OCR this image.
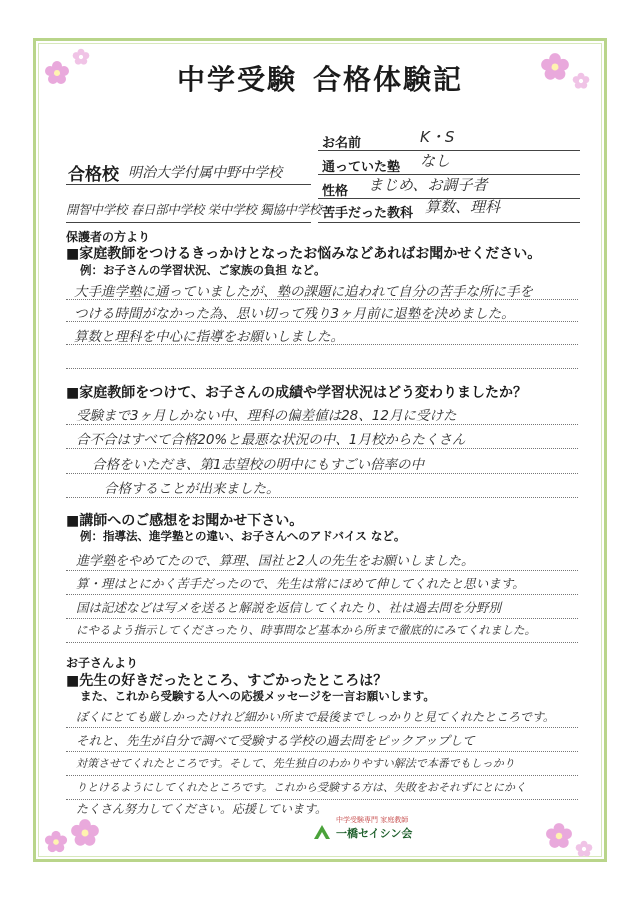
中学受験 合格体験記
お名前	K・S
通っていた塾 なし
性格 まじめ、お調子者
苦手だった教科 算数、理科
合格校 明治大学付属中野中学校
開智中学校 春日部中学校 栄中学校 獨協中学校
保護者の方より
■家庭教師をつけるきっかけとなったお悩みなどあればお聞かせください。
例：お子さんの学習状況、ご家族の負担 など。
大手進学塾に通っていましたが、塾の課題に追われて自分の苦手な所に手を
つける時間がなかった為、思い切って残り3ヶ月前に退塾を決めました。
算数と理科を中心に指導をお願いしました。
■家庭教師をつけて、お子さんの成績や学習状況はどう変わりましたか？
受験まで3ヶ月しかない中、理科の偏差値は28、12月に受けた
合不合はすべて合格20%と最悪な状況の中、1月校からたくさん
合格をいただき、第1志望校の明中にもすごい倍率の中
合格することが出来ました。
■講師へのご感想をお聞かせ下さい。
例：指導法、進学塾との違い、お子さんへのアドバイス など。
進学塾をやめてたので、算理、国社と2人の先生をお願いしました。
算・理はとにかく苦手だったので、先生は常にほめて伸してくれたと思います。
国は記述などは写メを送ると解説を返信してくれたり、社は過去問を分野別
にやるよう指示してくださったり、時事問など基本から所まで徹底的にみてくれました。
お子さんより
■先生の好きだったところ、すごかったところは？
また、これから受験する人への応援メッセージを一言お願いします。
ぼくにとても厳しかったけれど細かい所まで最後までしっかりと見てくれたところです。
それと、先生が自分で調べて受験する学校の過去問をピックアップして
対策させてくれたところです。そして、先生独自のわかりやすい解法で本番でもしっかり
りとけるようにしてくれたところです。これから受験する方は、失敗をおそれずにとにかく
たくさん努力してください。応援しています。
中学受験専門 家庭教師
一橋セイシン会
